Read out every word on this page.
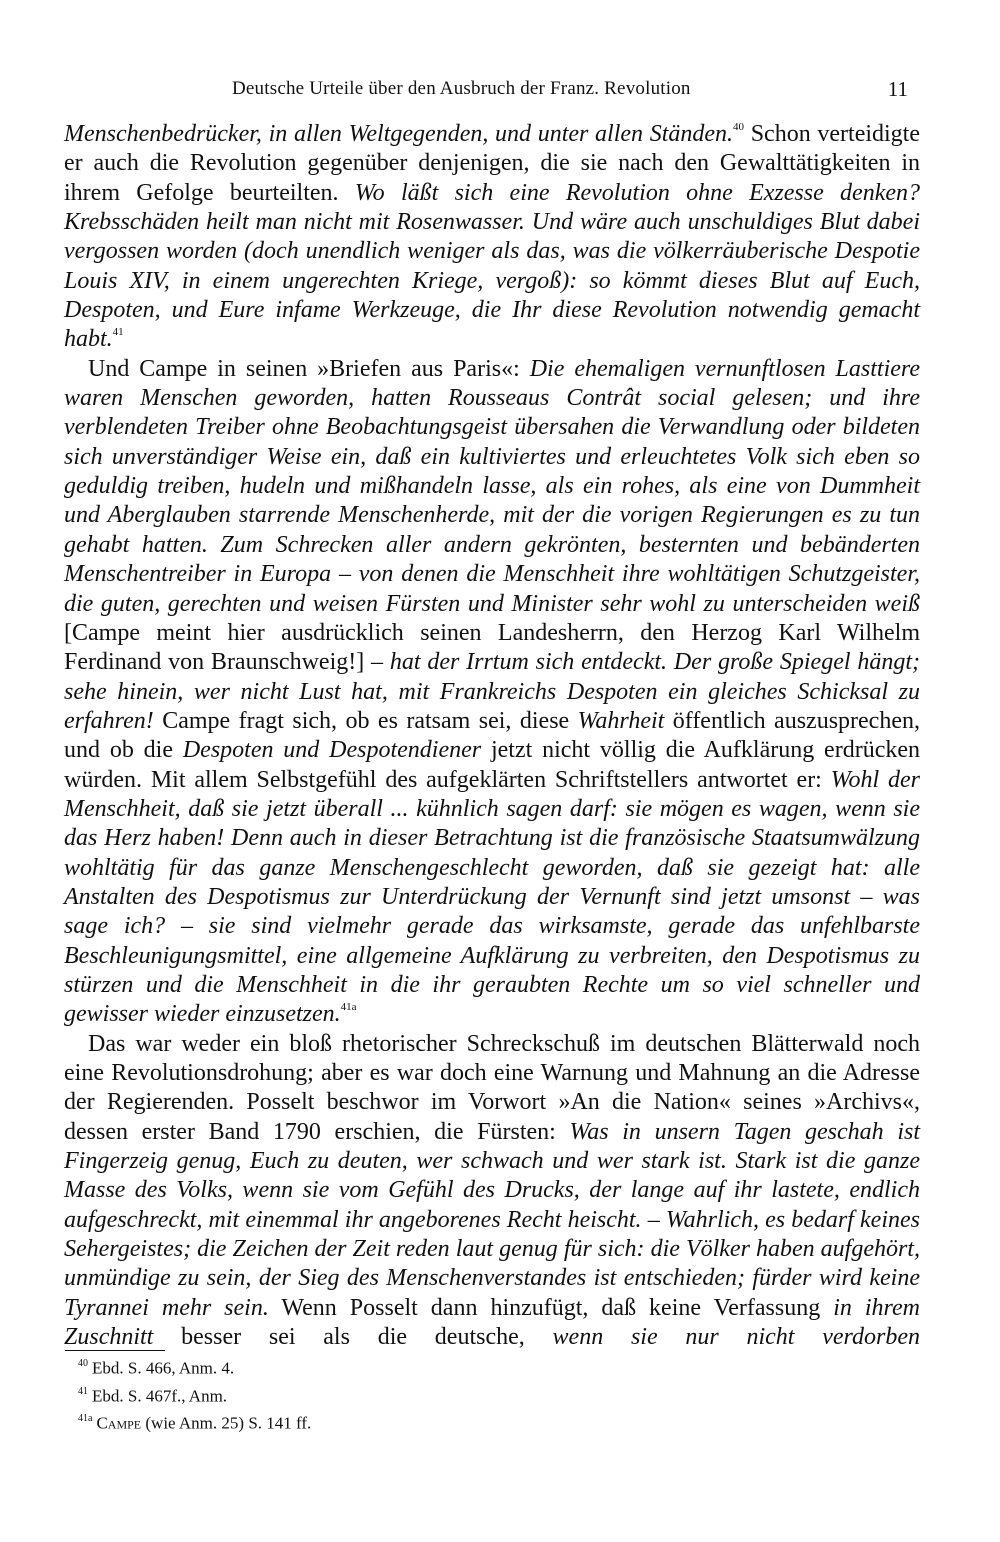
Deutsche Urteile über den Ausbruch der Franz. Revolution	11

Menschenbedrücker, in allen Weltgegenden, und unter allen Ständen.$^{40}$ Schon verteidigte er auch die Revolution gegenüber denjenigen, die sie nach den Gewalttätigkeiten in ihrem Gefolge beurteilten. Wo läßt sich eine Revolution ohne Exzesse denken? Krebsschäden heilt man nicht mit Rosenwasser. Und wäre auch unschuldiges Blut dabei vergossen worden (doch unendlich weniger als das, was die völkerräuberische Despotie Louis XIV, in einem ungerechten Kriege, vergoß): so kömmt dieses Blut auf Euch, Despoten, und Eure infame Werkzeuge, die Ihr diese Revolution notwendig gemacht habt.$^{41}$

Und Campe in seinen »Briefen aus Paris«: Die ehemaligen vernunftlosen Lasttiere waren Menschen geworden, hatten Rousseaus Contrât social gelesen; und ihre verblendeten Treiber ohne Beobachtungsgeist übersahen die Verwandlung oder bildeten sich unverständiger Weise ein, daß ein kultiviertes und erleuchtetes Volk sich eben so geduldig treiben, hudeln und mißhandeln lasse, als ein rohes, als eine von Dummheit und Aberglauben starrende Menschenherde, mit der die vorigen Regierungen es zu tun gehabt hatten. Zum Schrecken aller andern gekrönten, besternten und bebänderten Menschentreiber in Europa – von denen die Menschheit ihre wohltätigen Schutzgeister, die guten, gerechten und weisen Fürsten und Minister sehr wohl zu unterscheiden weiß [Campe meint hier ausdrücklich seinen Landesherrn, den Herzog Karl Wilhelm Ferdinand von Braunschweig!] – hat der Irrtum sich entdeckt. Der große Spiegel hängt; sehe hinein, wer nicht Lust hat, mit Frankreichs Despoten ein gleiches Schicksal zu erfahren! Campe fragt sich, ob es ratsam sei, diese Wahrheit öffentlich auszusprechen, und ob die Despoten und Despotendiener jetzt nicht völlig die Aufklärung erdrücken würden. Mit allem Selbstgefühl des aufgeklärten Schriftstellers antwortet er: Wohl der Menschheit, daß sie jetzt überall ... kühnlich sagen darf: sie mögen es wagen, wenn sie das Herz haben! Denn auch in dieser Betrachtung ist die französische Staatsumwälzung wohltätig für das ganze Menschengeschlecht geworden, daß sie gezeigt hat: alle Anstalten des Despotismus zur Unterdrückung der Vernunft sind jetzt umsonst – was sage ich? – sie sind vielmehr gerade das wirksamste, gerade das unfehlbarste Beschleunigungsmittel, eine allgemeine Aufklärung zu verbreiten, den Despotismus zu stürzen und die Menschheit in die ihr geraubten Rechte um so viel schneller und gewisser wieder einzusetzen.$^{41a}$

Das war weder ein bloß rhetorischer Schreckschuß im deutschen Blätterwald noch eine Revolutionsdrohung; aber es war doch eine Warnung und Mahnung an die Adresse der Regierenden. Posselt beschwor im Vorwort »An die Nation« seines »Archivs«, dessen erster Band 1790 erschien, die Fürsten: Was in unsern Tagen geschah ist Fingerzeig genug, Euch zu deuten, wer schwach und wer stark ist. Stark ist die ganze Masse des Volks, wenn sie vom Gefühl des Drucks, der lange auf ihr lastete, endlich aufgeschreckt, mit einemmal ihr angeborenes Recht heischt. – Wahrlich, es bedarf keines Sehergeistes; die Zeichen der Zeit reden laut genug für sich: die Völker haben aufgehört, unmündige zu sein, der Sieg des Menschenverstandes ist entschieden; fürder wird keine Tyrannei mehr sein. Wenn Posselt dann hinzufügt, daß keine Verfassung in ihrem Zuschnitt besser sei als die deutsche, wenn sie nur nicht verdorben

$^{40}$ Ebd. S. 466, Anm. 4.

$^{41}$ Ebd. S. 467f., Anm.

$^{41a}$ Campe (wie Anm. 25) S. 141 ff.
